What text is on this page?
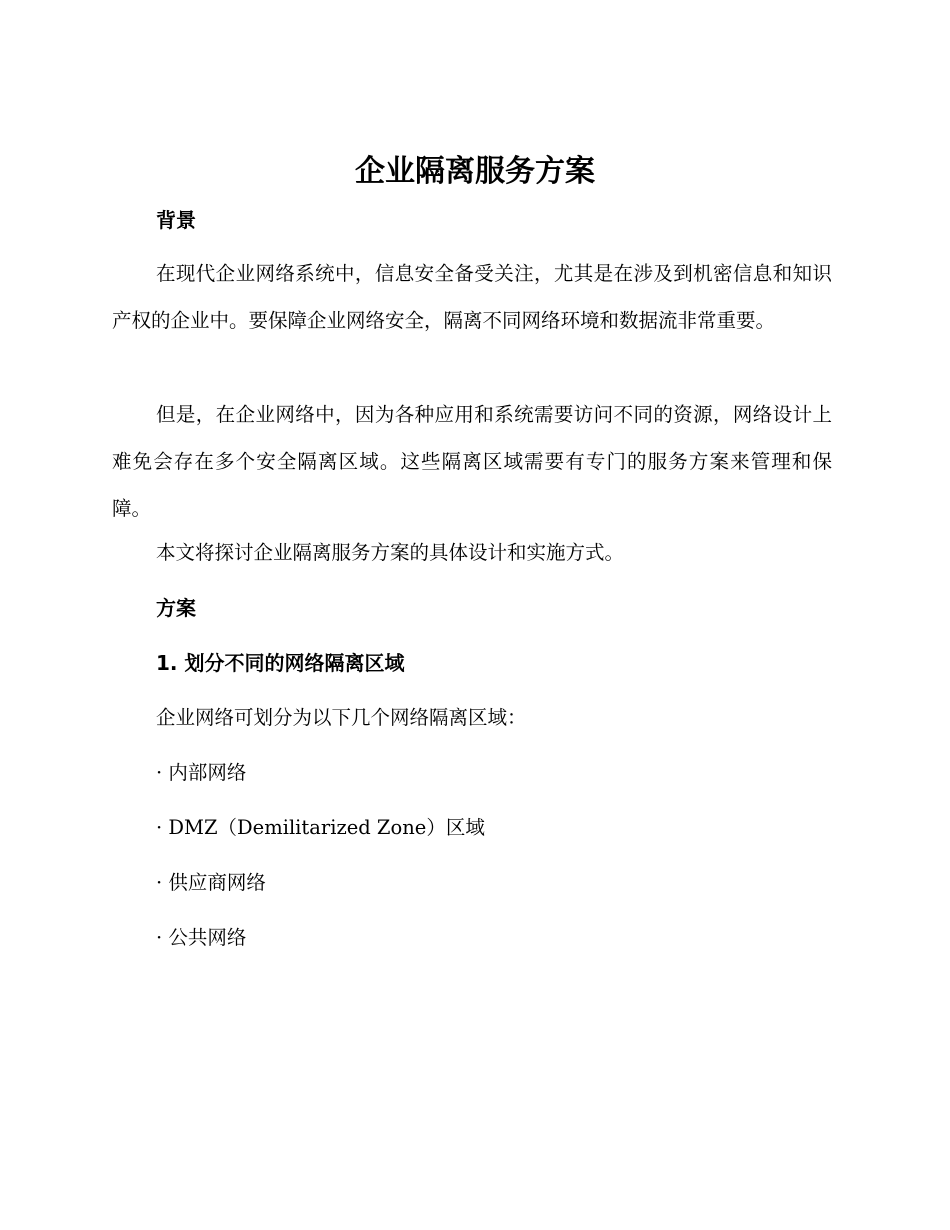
企业隔离服务方案
背景

在现代企业网络系统中，信息安全备受关注，尤其是在涉及到机密信息和知识产权的企业中。要保障企业网络安全，隔离不同网络环境和数据流非常重要。

但是，在企业网络中，因为各种应用和系统需要访问不同的资源，网络设计上难免会存在多个安全隔离区域。这些隔离区域需要有专门的服务方案来管理和保障。

本文将探讨企业隔离服务方案的具体设计和实施方式。
方案
1. 划分不同的网络隔离区域
企业网络可划分为以下几个网络隔离区域：
· 内部网络
· DMZ（Demilitarized Zone）区域
· 供应商网络
· 公共网络
